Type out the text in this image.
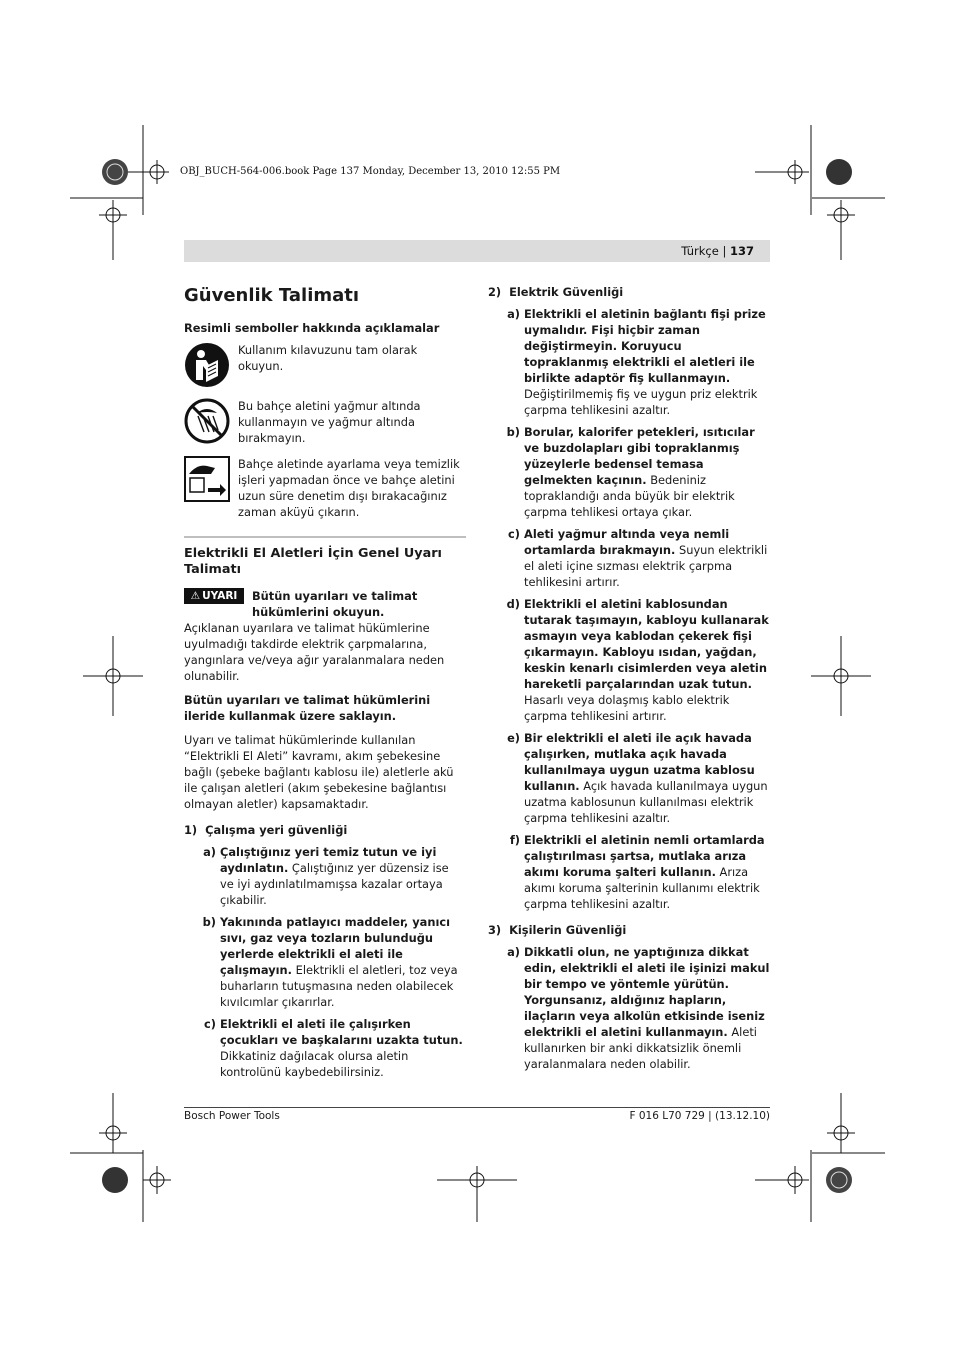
OBJ_BUCH-564-006.book Page 137 Monday, December 13, 2010 12:55 PM
Türkçe | 137
Güvenlik Talimatı
Resimli semboller hakkında açıklamalar
Kullanım kılavuzunu tam olarak okuyun.
Bu bahçe aletini yağmur altında kullanmayın ve yağmur altında bırakmayın.
Bahçe aletinde ayarlama veya temizlik işleri yapmadan önce ve bahçe aletini uzun süre denetim dışı bırakacağınız zaman aküyü çıkarın.
Elektrikli El Aletleri İçin Genel Uyarı Talimatı
⚠ UYARI Bütün uyarıları ve talimat hükümlerini okuyun.
Açıklanan uyarılara ve talimat hükümlerine uyulmadığı takdirde elektrik çarpmalarına, yangınlara ve/veya ağır yaralanmalara neden olunabilir.
Bütün uyarıları ve talimat hükümlerini ileride kullanmak üzere saklayın.
Uyarı ve talimat hükümlerinde kullanılan “Elektrikli El Aleti” kavramı, akım şebekesine bağlı (şebeke bağlantı kablosu ile) aletlerle akü ile çalışan aletleri (akım şebekesine bağlantısı olmayan aletler) kapsamaktadır.
1) Çalışma yeri güvenliği
a) Çalıştığınız yeri temiz tutun ve iyi aydınlatın. Çalıştığınız yer düzensiz ise ve iyi aydınlatılmamışsa kazalar ortaya çıkabilir.
b) Yakınında patlayıcı maddeler, yanıcı sıvı, gaz veya tozların bulunduğu yerlerde elektrikli el aleti ile çalışmayın. Elektrikli el aletleri, toz veya buharların tutuşmasına neden olabilecek kıvılcımlar çıkarırlar.
c) Elektrikli el aleti ile çalışırken çocukları ve başkalarını uzakta tutun. Dikkatiniz dağılacak olursa aletin kontrolünü kaybedebilirsiniz.
2) Elektrik Güvenliği
a) Elektrikli el aletinin bağlantı fişi prize uymalıdır. Fişi hiçbir zaman değiştirmeyin. Koruyucu topraklanmış elektrikli el aletleri ile birlikte adaptör fiş kullanmayın. Değiştirilmemiş fiş ve uygun priz elektrik çarpma tehlikesini azaltır.
b) Borular, kalorifer petekleri, ısıtıcılar ve buzdolapları gibi topraklanmış yüzeylerle bedensel temasa gelmekten kaçının. Bedeniniz topraklandığı anda büyük bir elektrik çarpma tehlikesi ortaya çıkar.
c) Aleti yağmur altında veya nemli ortamlarda bırakmayın. Suyun elektrikli el aleti içine sızması elektrik çarpma tehlikesini artırır.
d) Elektrikli el aletini kablosundan tutarak taşımayın, kabloyu kullanarak asmayın veya kablodan çekerek fişi çıkarmayın. Kabloyu ısıdan, yağdan, keskin kenarlı cisimlerden veya aletin hareketli parçalarından uzak tutun. Hasarlı veya dolaşmış kablo elektrik çarpma tehlikesini artırır.
e) Bir elektrikli el aleti ile açık havada çalışırken, mutlaka açık havada kullanılmaya uygun uzatma kablosu kullanın. Açık havada kullanılmaya uygun uzatma kablosunun kullanılması elektrik çarpma tehlikesini azaltır.
f) Elektrikli el aletinin nemli ortamlarda çalıştırılması şartsa, mutlaka arıza akımı koruma şalteri kullanın. Arıza akımı koruma şalterinin kullanımı elektrik çarpma tehlikesini azaltır.
3) Kişilerin Güvenliği
a) Dikkatli olun, ne yaptığınıza dikkat edin, elektrikli el aleti ile işinizi makul bir tempo ve yöntemle yürütün. Yorgunsanız, aldığınız hapların, ilaçların veya alkolün etkisinde iseniz elektrikli el aletini kullanmayın. Aleti kullanırken bir anki dikkatsizlik önemli yaralanmalara neden olabilir.
Bosch Power Tools	F 016 L70 729 | (13.12.10)
